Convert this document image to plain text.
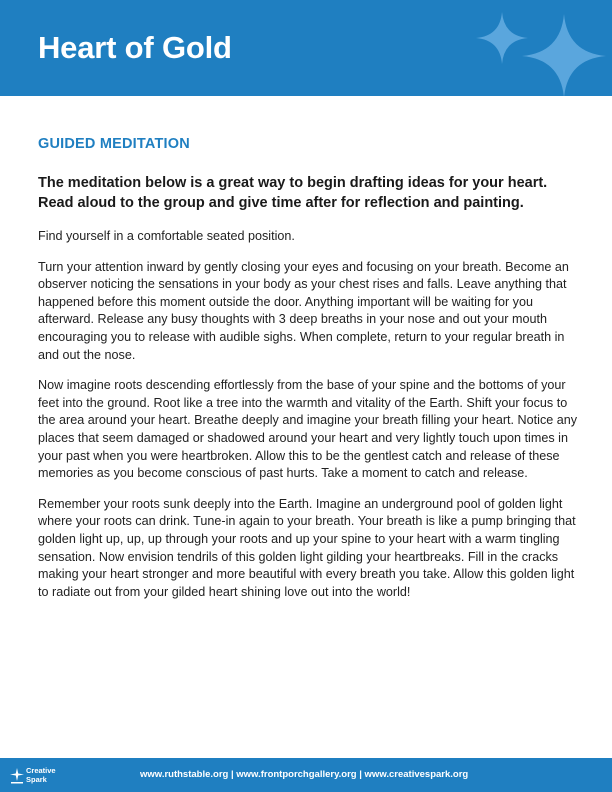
Heart of Gold
GUIDED MEDITATION

The meditation below is a great way to begin drafting ideas for your heart. Read aloud to the group and give time after for reflection and painting.

Find yourself in a comfortable seated position.

Turn your attention inward by gently closing your eyes and focusing on your breath. Become an observer noticing the sensations in your body as your chest rises and falls. Leave anything that happened before this moment outside the door. Anything important will be waiting for you afterward. Release any busy thoughts with 3 deep breaths in your nose and out your mouth encouraging you to release with audible sighs. When complete, return to your regular breath in and out the nose.

Now imagine roots descending effortlessly from the base of your spine and the bottoms of your feet into the ground. Root like a tree into the warmth and vitality of the Earth. Shift your focus to the area around your heart. Breathe deeply and imagine your breath filling your heart. Notice any places that seem damaged or shadowed around your heart and very lightly touch upon times in your past when you were heartbroken. Allow this to be the gentlest catch and release of these memories as you become conscious of past hurts. Take a moment to catch and release.

Remember your roots sunk deeply into the Earth. Imagine an underground pool of golden light where your roots can drink. Tune-in again to your breath. Your breath is like a pump bringing that golden light up, up, up through your roots and up your spine to your heart with a warm tingling sensation. Now envision tendrils of this golden light gilding your heartbreaks. Fill in the cracks making your heart stronger and more beautiful with every breath you take. Allow this golden light to radiate out from your gilded heart shining love out into the world!

Creative
Spark	www.ruthstable.org | www.frontporchgallery.org | www.creativespark.org
